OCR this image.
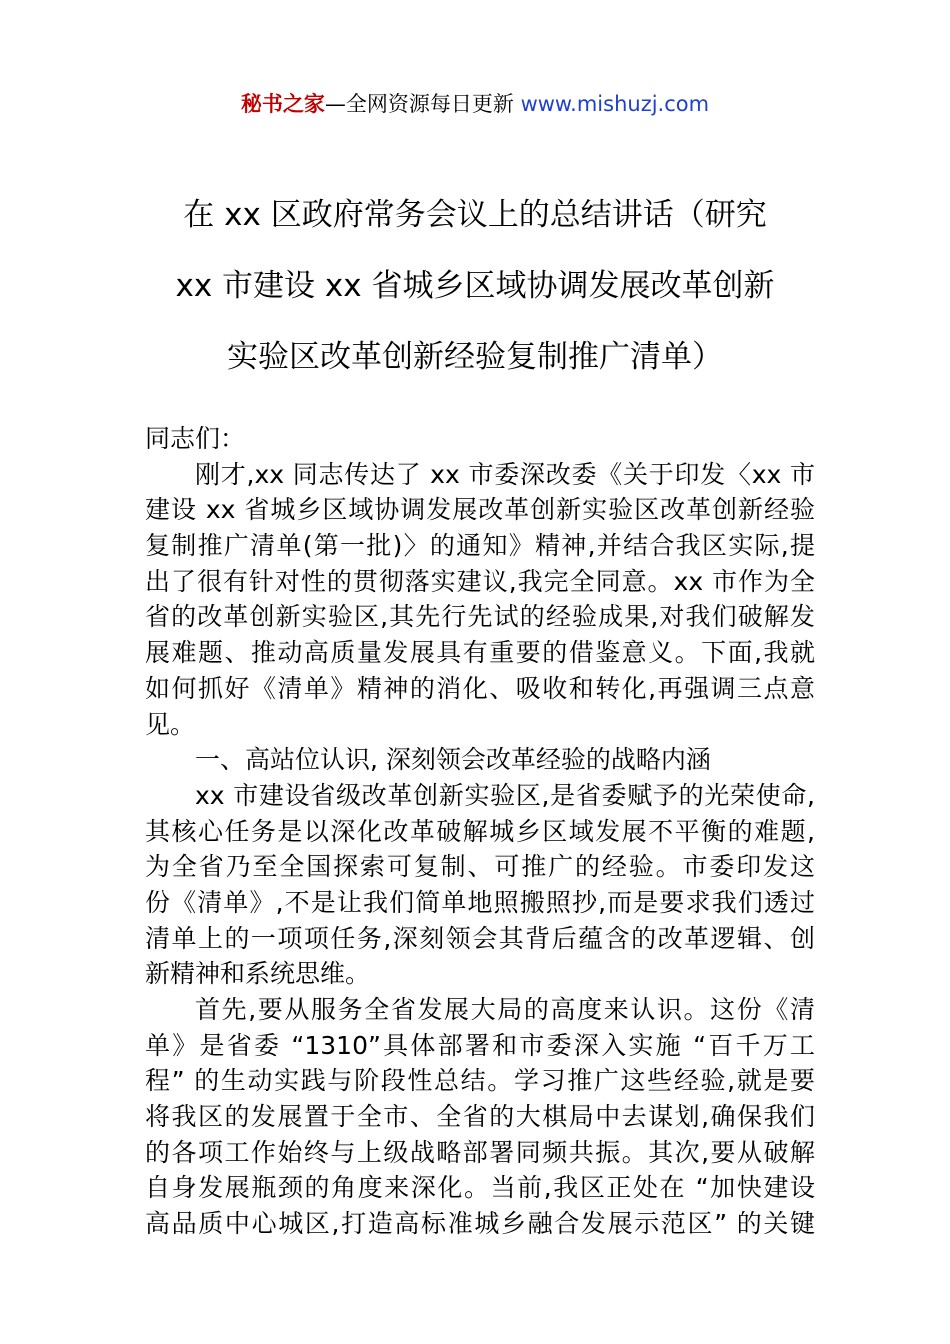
秘书之家—全网资源每日更新 www.mishuzj.com
在 xx 区政府常务会议上的总结讲话（研究
xx 市建设 xx 省城乡区域协调发展改革创新
实验区改革创新经验复制推广清单）
同志们：
刚才,xx 同志传达了 xx 市委深改委《关于印发〈xx 市
建设 xx 省城乡区域协调发展改革创新实验区改革创新经验
复制推广清单(第一批)〉的通知》精神,并结合我区实际,提
出了很有针对性的贯彻落实建议,我完全同意。xx 市作为全
省的改革创新实验区,其先行先试的经验成果,对我们破解发
展难题、推动高质量发展具有重要的借鉴意义。下面,我就
如何抓好《清单》精神的消化、吸收和转化,再强调三点意
见。
一、高站位认识, 深刻领会改革经验的战略内涵
xx 市建设省级改革创新实验区,是省委赋予的光荣使命,
其核心任务是以深化改革破解城乡区域发展不平衡的难题,
为全省乃至全国探索可复制、可推广的经验。市委印发这
份《清单》,不是让我们简单地照搬照抄,而是要求我们透过
清单上的一项项任务,深刻领会其背后蕴含的改革逻辑、创
新精神和系统思维。
首先,要从服务全省发展大局的高度来认识。这份《清
单》是省委 “1310”具体部署和市委深入实施 “百千万工
程” 的生动实践与阶段性总结。学习推广这些经验,就是要
将我区的发展置于全市、全省的大棋局中去谋划,确保我们
的各项工作始终与上级战略部署同频共振。其次,要从破解
自身发展瓶颈的角度来深化。当前,我区正处在 “加快建设
高品质中心城区,打造高标准城乡融合发展示范区” 的关键
